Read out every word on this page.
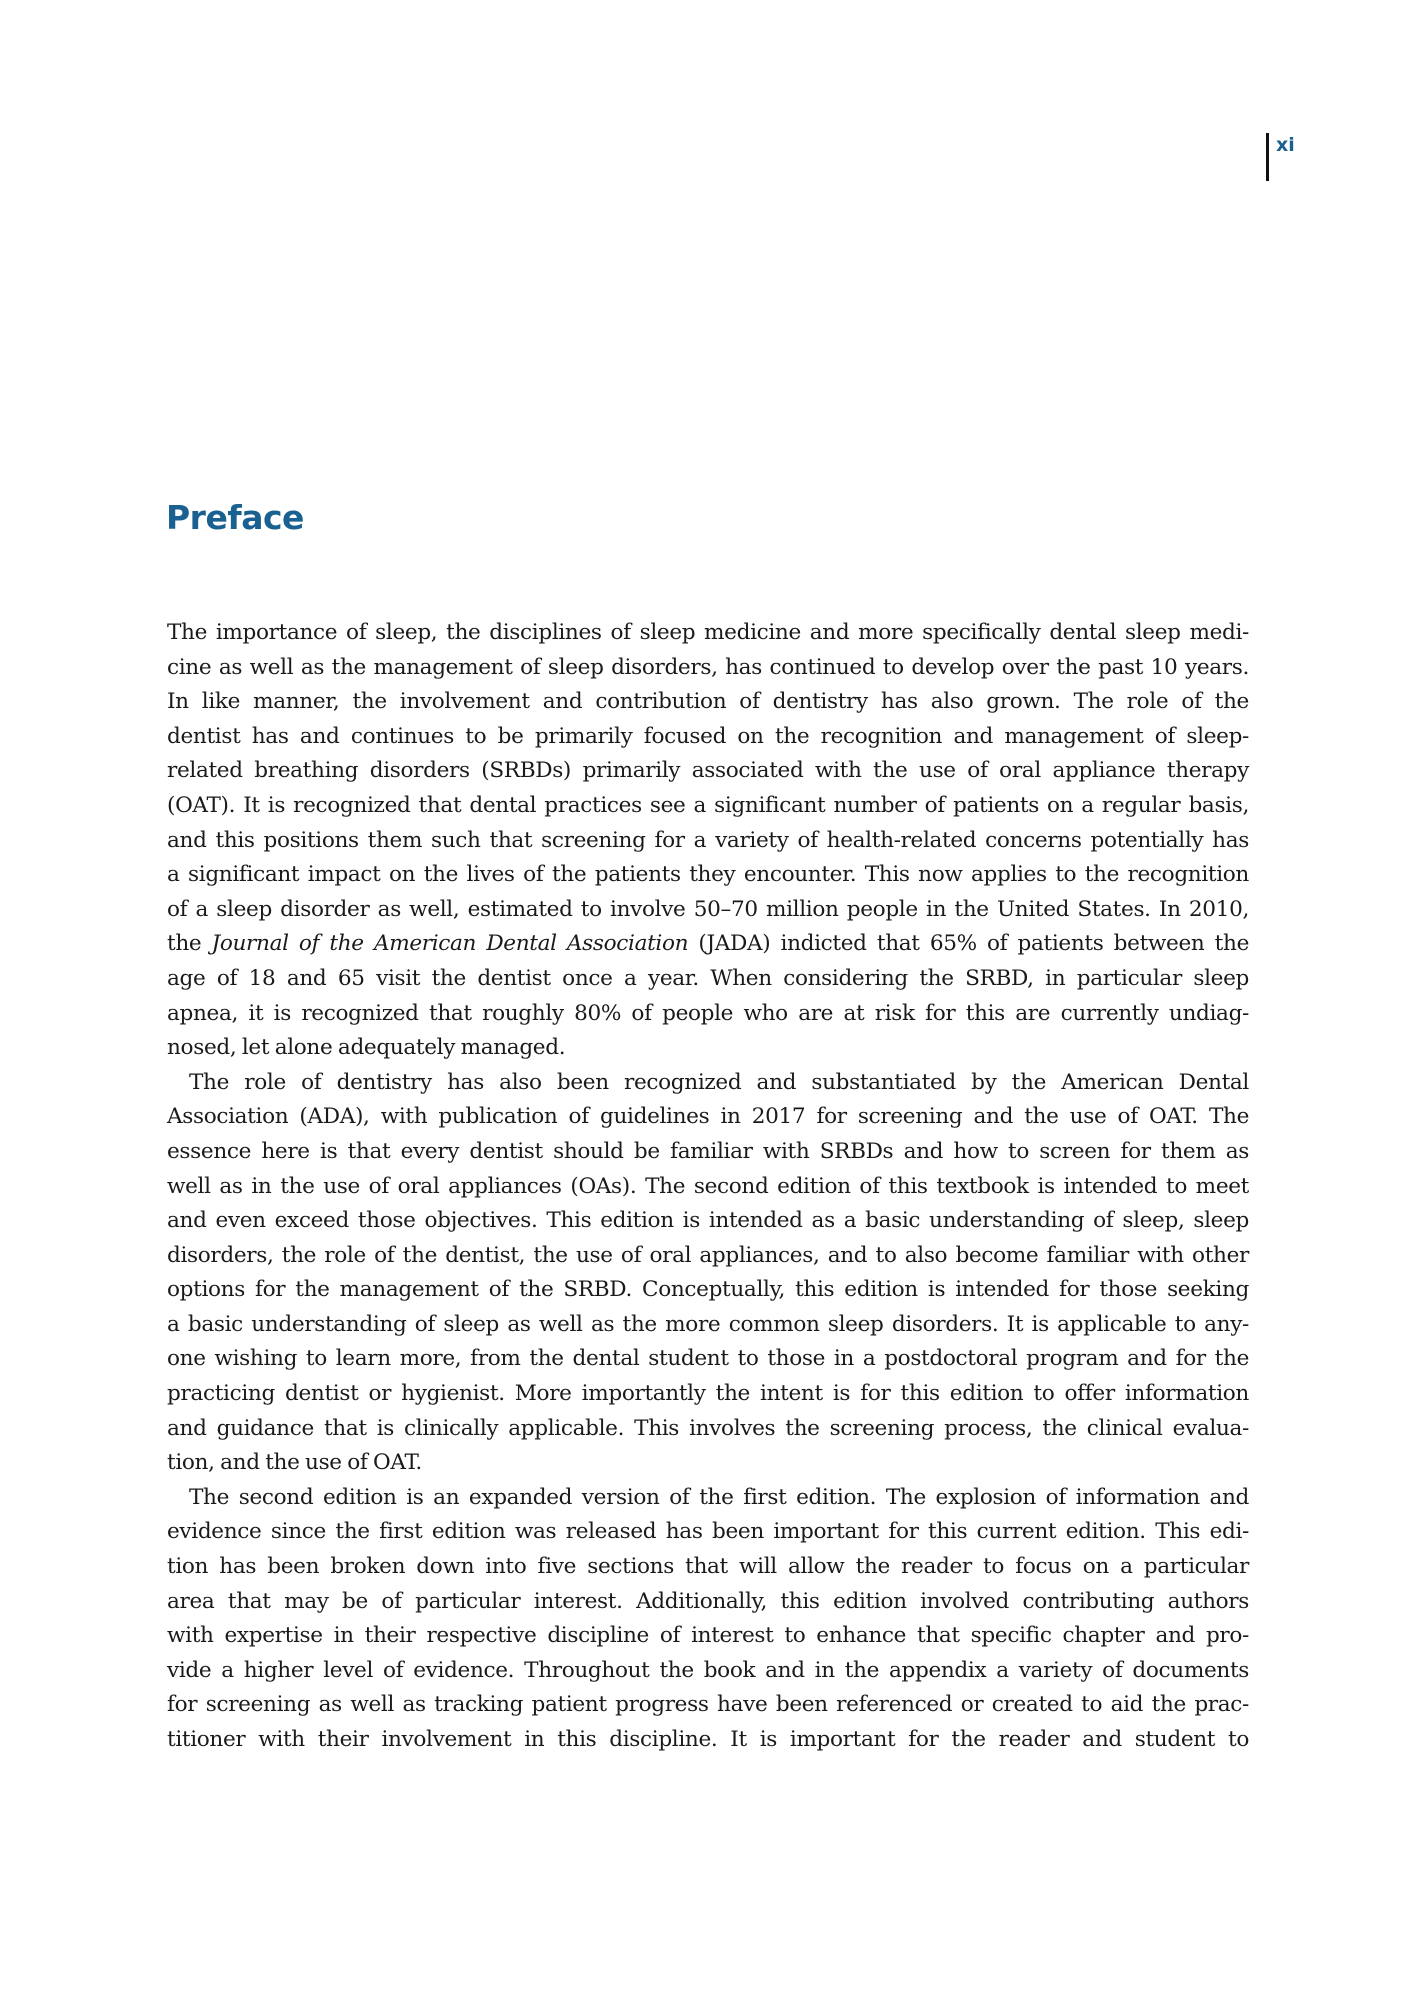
xi
Preface
The importance of sleep, the disciplines of sleep medicine and more specifically dental sleep medi-
cine as well as the management of sleep disorders, has continued to develop over the past 10 years.
In like manner, the involvement and contribution of dentistry has also grown. The role of the
dentist has and continues to be primarily focused on the recognition and management of sleep-
related breathing disorders (SRBDs) primarily associated with the use of oral appliance therapy
(OAT). It is recognized that dental practices see a significant number of patients on a regular basis,
and this positions them such that screening for a variety of health-related concerns potentially has
a significant impact on the lives of the patients they encounter. This now applies to the recognition
of a sleep disorder as well, estimated to involve 50–70 million people in the United States. In 2010,
the Journal of the American Dental Association (JADA) indicted that 65% of patients between the
age of 18 and 65 visit the dentist once a year. When considering the SRBD, in particular sleep
apnea, it is recognized that roughly 80% of people who are at risk for this are currently undiag-
nosed, let alone adequately managed.
The role of dentistry has also been recognized and substantiated by the American Dental
Association (ADA), with publication of guidelines in 2017 for screening and the use of OAT. The
essence here is that every dentist should be familiar with SRBDs and how to screen for them as
well as in the use of oral appliances (OAs). The second edition of this textbook is intended to meet
and even exceed those objectives. This edition is intended as a basic understanding of sleep, sleep
disorders, the role of the dentist, the use of oral appliances, and to also become familiar with other
options for the management of the SRBD. Conceptually, this edition is intended for those seeking
a basic understanding of sleep as well as the more common sleep disorders. It is applicable to any-
one wishing to learn more, from the dental student to those in a postdoctoral program and for the
practicing dentist or hygienist. More importantly the intent is for this edition to offer information
and guidance that is clinically applicable. This involves the screening process, the clinical evalua-
tion, and the use of OAT.
The second edition is an expanded version of the first edition. The explosion of information and
evidence since the first edition was released has been important for this current edition. This edi-
tion has been broken down into five sections that will allow the reader to focus on a particular
area that may be of particular interest. Additionally, this edition involved contributing authors
with expertise in their respective discipline of interest to enhance that specific chapter and pro-
vide a higher level of evidence. Throughout the book and in the appendix a variety of documents
for screening as well as tracking patient progress have been referenced or created to aid the prac-
titioner with their involvement in this discipline. It is important for the reader and student to
